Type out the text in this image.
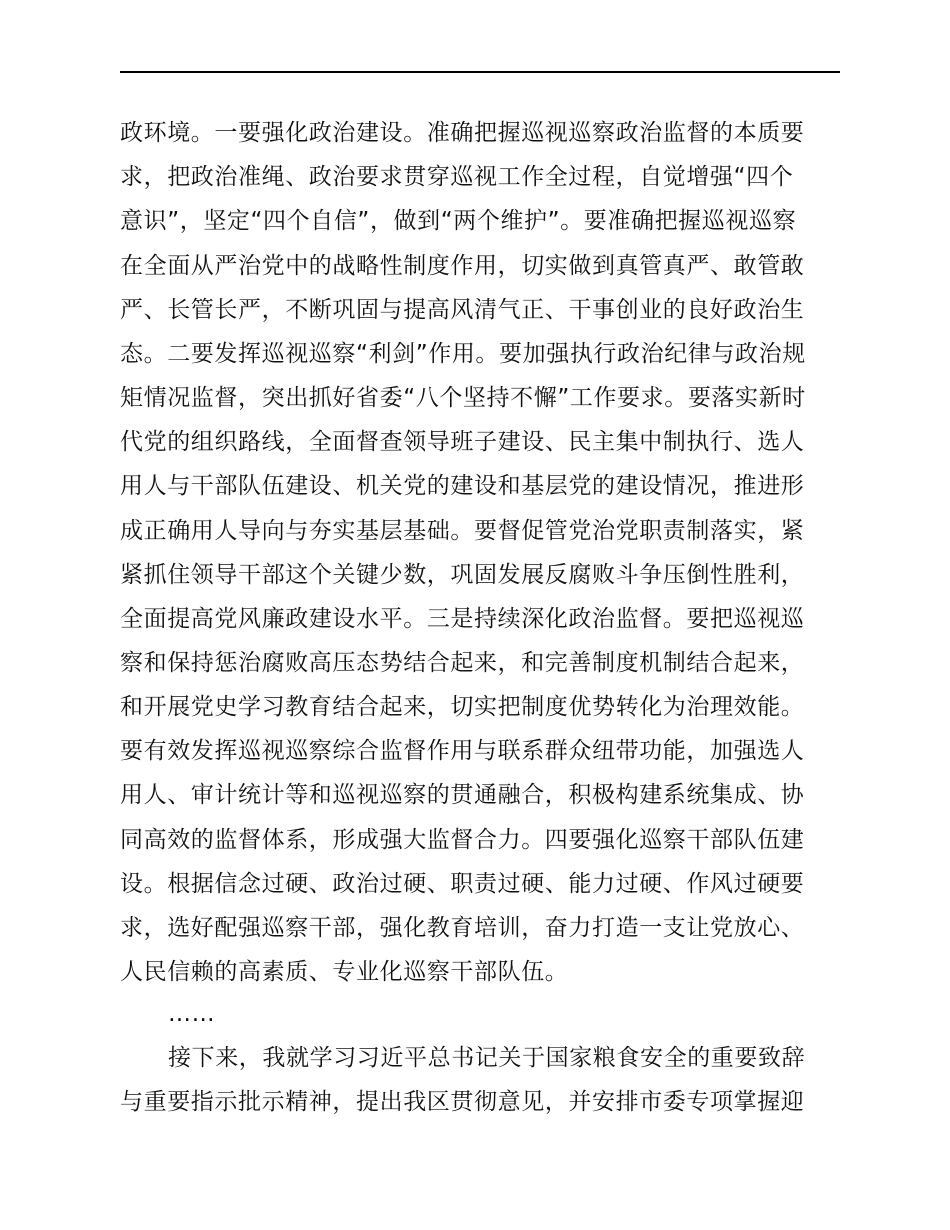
政环境。一要强化政治建设。准确把握巡视巡察政治监督的本质要
求，把政治准绳、政治要求贯穿巡视工作全过程，自觉增强“四个
意识”，坚定“四个自信”，做到“两个维护”。要准确把握巡视巡察
在全面从严治党中的战略性制度作用，切实做到真管真严、敢管敢
严、长管长严，不断巩固与提高风清气正、干事创业的良好政治生
态。二要发挥巡视巡察“利剑”作用。要加强执行政治纪律与政治规
矩情况监督，突出抓好省委“八个坚持不懈”工作要求。要落实新时
代党的组织路线，全面督查领导班子建设、民主集中制执行、选人
用人与干部队伍建设、机关党的建设和基层党的建设情况，推进形
成正确用人导向与夯实基层基础。要督促管党治党职责制落实，紧
紧抓住领导干部这个关键少数，巩固发展反腐败斗争压倒性胜利，
全面提高党风廉政建设水平。三是持续深化政治监督。要把巡视巡
察和保持惩治腐败高压态势结合起来，和完善制度机制结合起来，
和开展党史学习教育结合起来，切实把制度优势转化为治理效能。
要有效发挥巡视巡察综合监督作用与联系群众纽带功能，加强选人
用人、审计统计等和巡视巡察的贯通融合，积极构建系统集成、协
同高效的监督体系，形成强大监督合力。四要强化巡察干部队伍建
设。根据信念过硬、政治过硬、职责过硬、能力过硬、作风过硬要
求，选好配强巡察干部，强化教育培训，奋力打造一支让党放心、
人民信赖的高素质、专业化巡察干部队伍。
……
接下来，我就学习习近平总书记关于国家粮食安全的重要致辞
与重要指示批示精神，提出我区贯彻意见，并安排市委专项掌握迎
